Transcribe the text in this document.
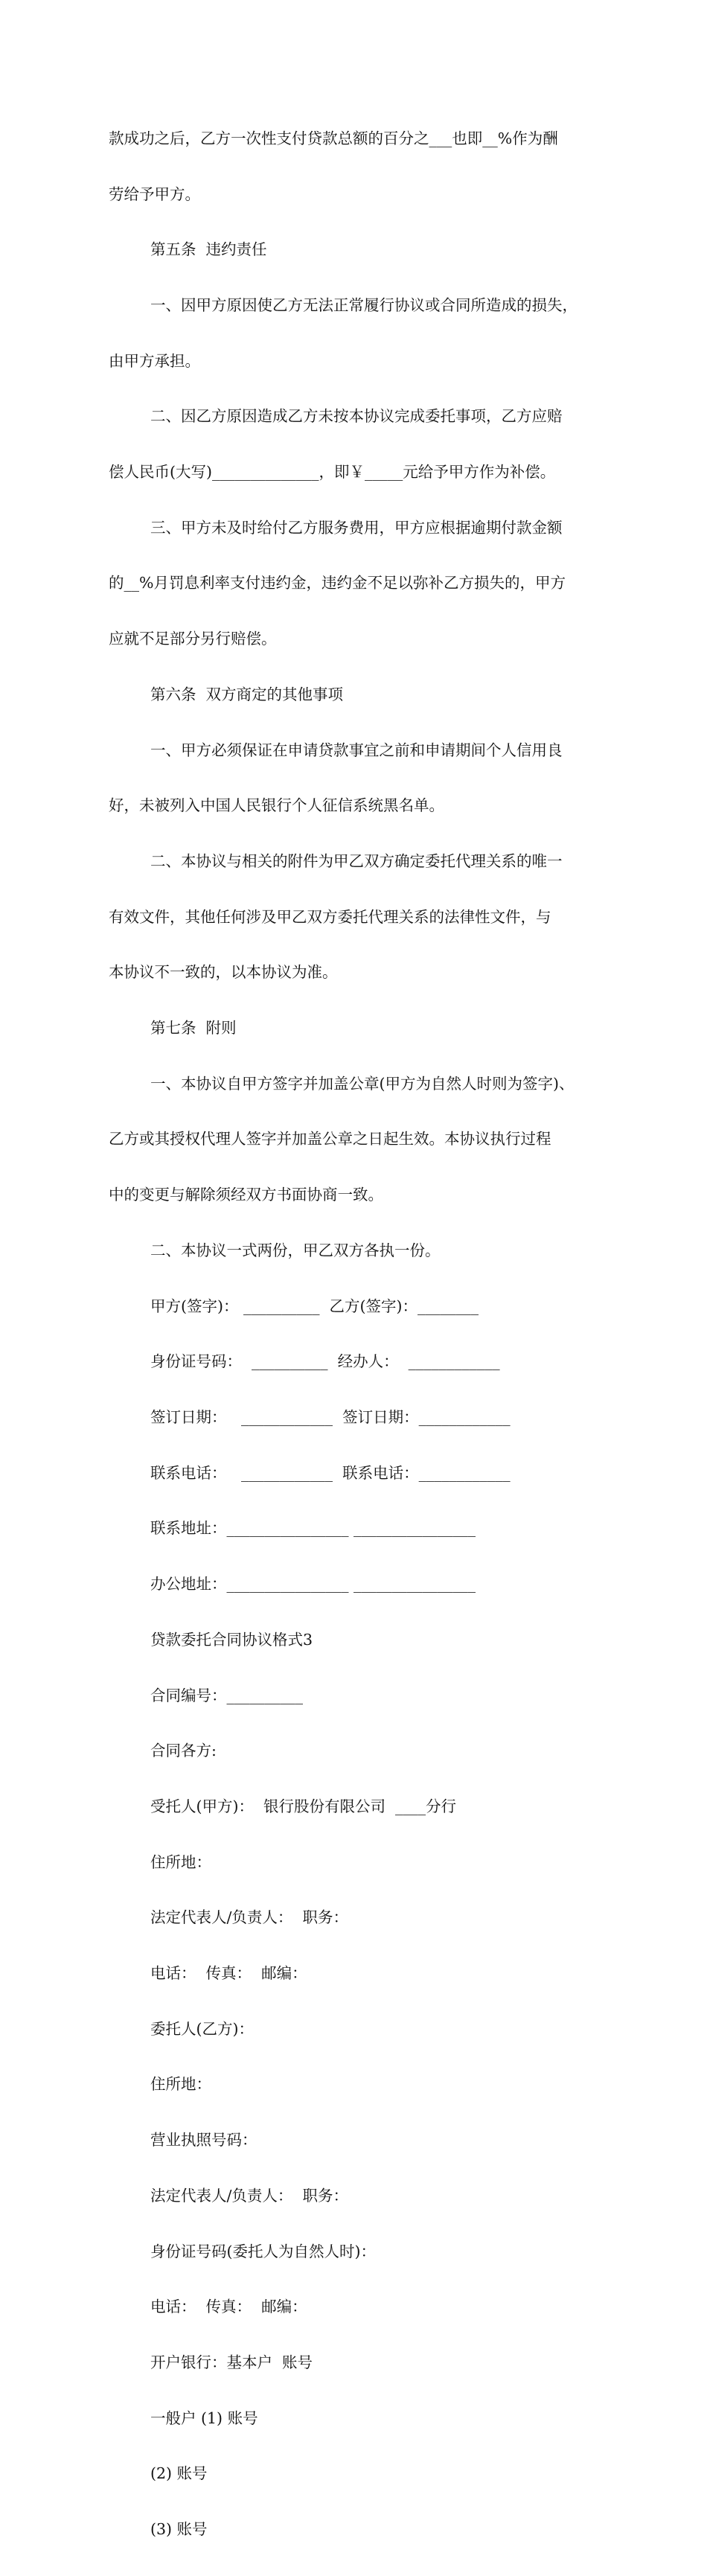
款成功之后，乙方一次性支付贷款总额的百分之___也即__%作为酬

劳给予甲方。

第五条  违约责任

一、因甲方原因使乙方无法正常履行协议或合同所造成的损失，

由甲方承担。

二、因乙方原因造成乙方未按本协议完成委托事项，乙方应赔

偿人民币(大写)______________，即￥_____元给予甲方作为补偿。

三、甲方未及时给付乙方服务费用，甲方应根据逾期付款金额

的__%月罚息利率支付违约金，违约金不足以弥补乙方损失的，甲方

应就不足部分另行赔偿。

第六条  双方商定的其他事项

一、甲方必须保证在申请贷款事宜之前和申请期间个人信用良

好，未被列入中国人民银行个人征信系统黑名单。

二、本协议与相关的附件为甲乙双方确定委托代理关系的唯一

有效文件，其他任何涉及甲乙双方委托代理关系的法律性文件，与

本协议不一致的，以本协议为准。

第七条  附则

一、本协议自甲方签字并加盖公章(甲方为自然人时则为签字)、

乙方或其授权代理人签字并加盖公章之日起生效。本协议执行过程

中的变更与解除须经双方书面协商一致。

二、本协议一式两份，甲乙双方各执一份。

甲方(签字)： __________  乙方(签字)：________

身份证号码：  __________  经办人：  ____________

签订日期：   ____________  签订日期：____________

联系电话：   ____________  联系电话：____________

联系地址：________________ ________________

办公地址：________________ ________________

贷款委托合同协议格式3

合同编号：__________

合同各方:

受托人(甲方)：  银行股份有限公司  ____分行

住所地：

法定代表人/负责人：  职务：

电话：  传真：  邮编：

委托人(乙方)：

住所地：

营业执照号码：

法定代表人/负责人：  职务：

身份证号码(委托人为自然人时)：

电话：  传真：  邮编：

开户银行：基本户  账号

一般户 (1) 账号

(2) 账号

(3) 账号
